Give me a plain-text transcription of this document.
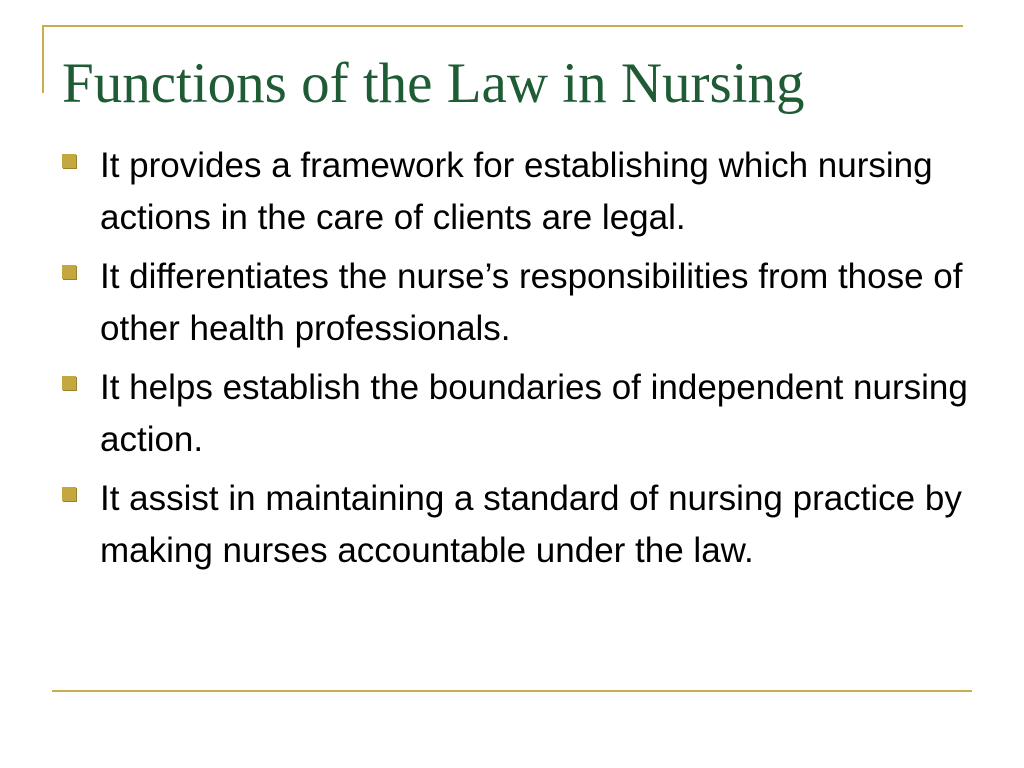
Functions of the Law in Nursing
It provides a framework for establishing which nursing actions in the care of clients are legal.
It differentiates the nurse’s responsibilities from those of other health professionals.
It helps establish the boundaries of independent nursing action.
It assist in maintaining a standard of nursing practice by making nurses accountable under the law.
